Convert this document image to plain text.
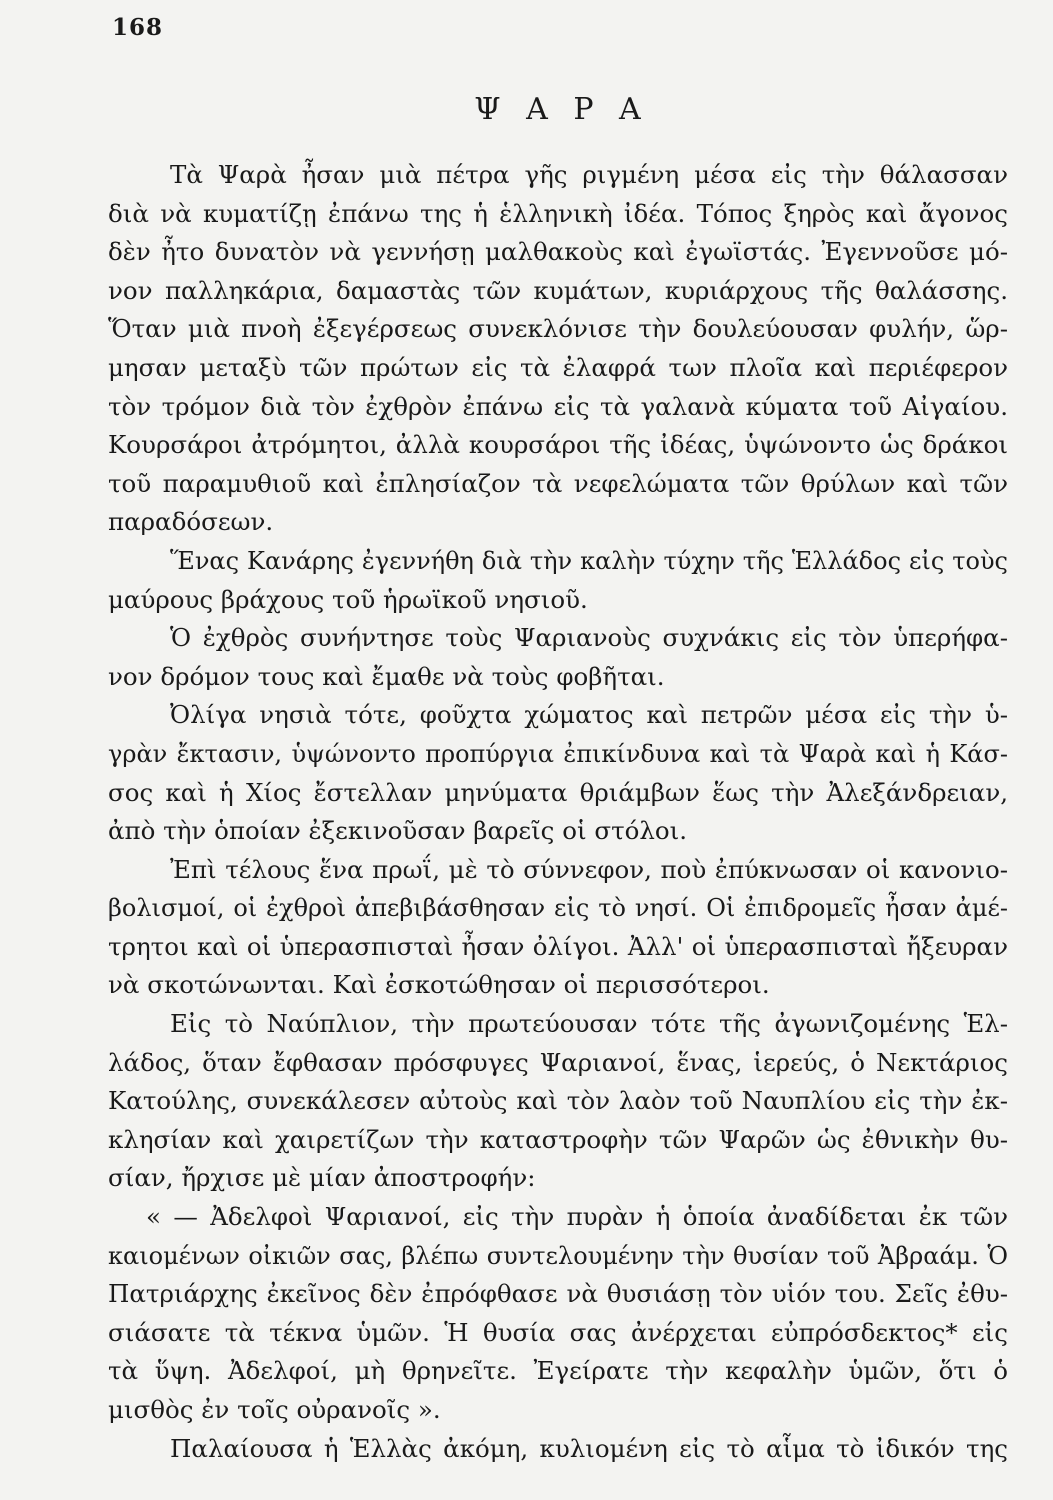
168
Ψ Α Ρ Α
Τὰ Ψαρὰ ἦσαν μιὰ πέτρα γῆς ριγμένη μέσα εἰς τὴν θάλασσαν
διὰ νὰ κυματίζῃ ἐπάνω της ἡ ἑλληνικὴ ἰδέα. Τόπος ξηρὸς καὶ ἄγονος
δὲν ἦτο δυνατὸν νὰ γεννήσῃ μαλθακοὺς καὶ ἐγωϊστάς. Ἐγεννοῦσε μό-
νον παλληκάρια, δαμαστὰς τῶν κυμάτων, κυριάρχους τῆς θαλάσσης.
Ὅταν μιὰ πνοὴ ἐξεγέρσεως συνεκλόνισε τὴν δουλεύουσαν φυλήν, ὥρ-
μησαν μεταξὺ τῶν πρώτων εἰς τὰ ἐλαφρά των πλοῖα καὶ περιέφερον
τὸν τρόμον διὰ τὸν ἐχθρὸν ἐπάνω εἰς τὰ γαλανὰ κύματα τοῦ Αἰγαίου.
Κουρσάροι ἀτρόμητοι, ἀλλὰ κουρσάροι τῆς ἰδέας, ὑψώνοντο ὡς δράκοι
τοῦ παραμυθιοῦ καὶ ἐπλησίαζον τὰ νεφελώματα τῶν θρύλων καὶ τῶν
παραδόσεων.
Ἕνας Κανάρης ἐγεννήθη διὰ τὴν καλὴν τύχην τῆς Ἑλλάδος εἰς τοὺς
μαύρους βράχους τοῦ ἡρωϊκοῦ νησιοῦ.
Ὁ ἐχθρὸς συνήντησε τοὺς Ψαριανοὺς συχνάκις εἰς τὸν ὑπερήφα-
νον δρόμον τους καὶ ἔμαθε νὰ τοὺς φοβῆται.
Ὀλίγα νησιὰ τότε, φοῦχτα χώματος καὶ πετρῶν μέσα εἰς τὴν ὑ-
γρὰν ἔκτασιν, ὑψώνοντο προπύργια ἐπικίνδυνα καὶ τὰ Ψαρὰ καὶ ἡ Κάσ-
σος καὶ ἡ Χίος ἔστελλαν μηνύματα θριάμβων ἕως τὴν Ἀλεξάνδρειαν,
ἀπὸ τὴν ὁποίαν ἐξεκινοῦσαν βαρεῖς οἱ στόλοι.
Ἐπὶ τέλους ἕνα πρωΐ, μὲ τὸ σύννεφον, ποὺ ἐπύκνωσαν οἱ κανονιο-
βολισμοί, οἱ ἐχθροὶ ἀπεβιβάσθησαν εἰς τὸ νησί. Οἱ ἐπιδρομεῖς ἦσαν ἀμέ-
τρητοι καὶ οἱ ὑπερασπισταὶ ἦσαν ὀλίγοι. Ἀλλ' οἱ ὑπερασπισταὶ ἤξευραν
νὰ σκοτώνωνται. Καὶ ἐσκοτώθησαν οἱ περισσότεροι.
Εἰς τὸ Ναύπλιον, τὴν πρωτεύουσαν τότε τῆς ἀγωνιζομένης Ἑλ-
λάδος, ὅταν ἔφθασαν πρόσφυγες Ψαριανοί, ἕνας, ἱερεύς, ὁ Νεκτάριος
Κατούλης, συνεκάλεσεν αὐτοὺς καὶ τὸν λαὸν τοῦ Ναυπλίου εἰς τὴν ἐκ-
κλησίαν καὶ χαιρετίζων τὴν καταστροφὴν τῶν Ψαρῶν ὡς ἐθνικὴν θυ-
σίαν, ἤρχισε μὲ μίαν ἀποστροφήν:
« — Ἀδελφοὶ Ψαριανοί, εἰς τὴν πυρὰν ἡ ὁποία ἀναδίδεται ἐκ τῶν
καιομένων οἰκιῶν σας, βλέπω συντελουμένην τὴν θυσίαν τοῦ Ἀβραάμ. Ὁ
Πατριάρχης ἐκεῖνος δὲν ἐπρόφθασε νὰ θυσιάσῃ τὸν υἱόν του. Σεῖς ἐθυ-
σιάσατε τὰ τέκνα ὑμῶν. Ἡ θυσία σας ἀνέρχεται εὐπρόσδεκτος* εἰς
τὰ ὕψη. Ἀδελφοί, μὴ θρηνεῖτε. Ἐγείρατε τὴν κεφαλὴν ὑμῶν, ὅτι ὁ
μισθὸς ἐν τοῖς οὐρανοῖς ».
Παλαίουσα ἡ Ἑλλὰς ἀκόμη, κυλιομένη εἰς τὸ αἷμα τὸ ἰδικόν της
